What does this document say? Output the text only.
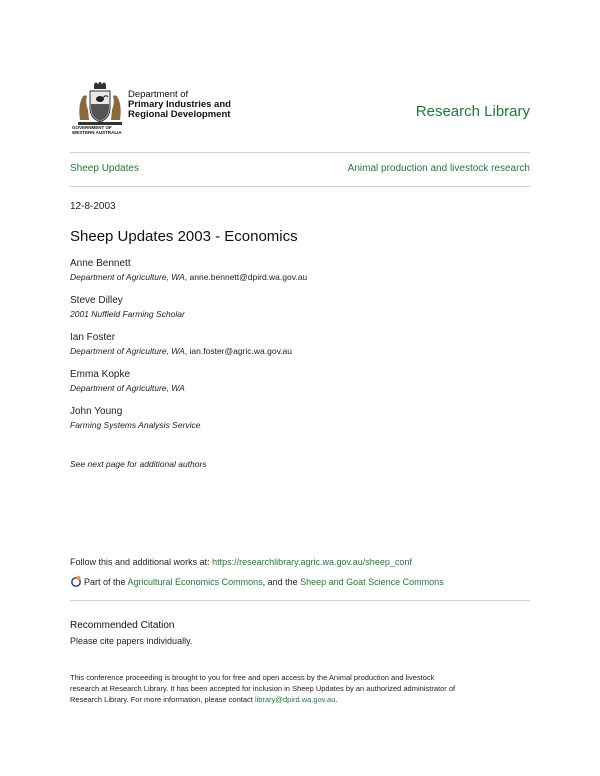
GOVERNMENT OF
WESTERN AUSTRALIA
Department of
Primary Industries and
Regional Development	Research Library
Sheep Updates	Animal production and livestock research
12-8-2003
Sheep Updates 2003 - Economics
Anne Bennett
Department of Agriculture, WA, anne.bennett@dpird.wa.gov.au
Steve Dilley
2001 Nuffield Farming Scholar
Ian Foster
Department of Agriculture, WA, ian.foster@agric.wa.gov.au
Emma Kopke
Department of Agriculture, WA
John Young
Farming Systems Analysis Service
See next page for additional authors
Follow this and additional works at: https://researchlibrary.agric.wa.gov.au/sheep_conf
Part of the Agricultural Economics Commons, and the Sheep and Goat Science Commons
Recommended Citation
Please cite papers individually.
This conference proceeding is brought to you for free and open access by the Animal production and livestock
research at Research Library. It has been accepted for inclusion in Sheep Updates by an authorized administrator of
Research Library. For more information, please contact library@dpird.wa.gov.au.
